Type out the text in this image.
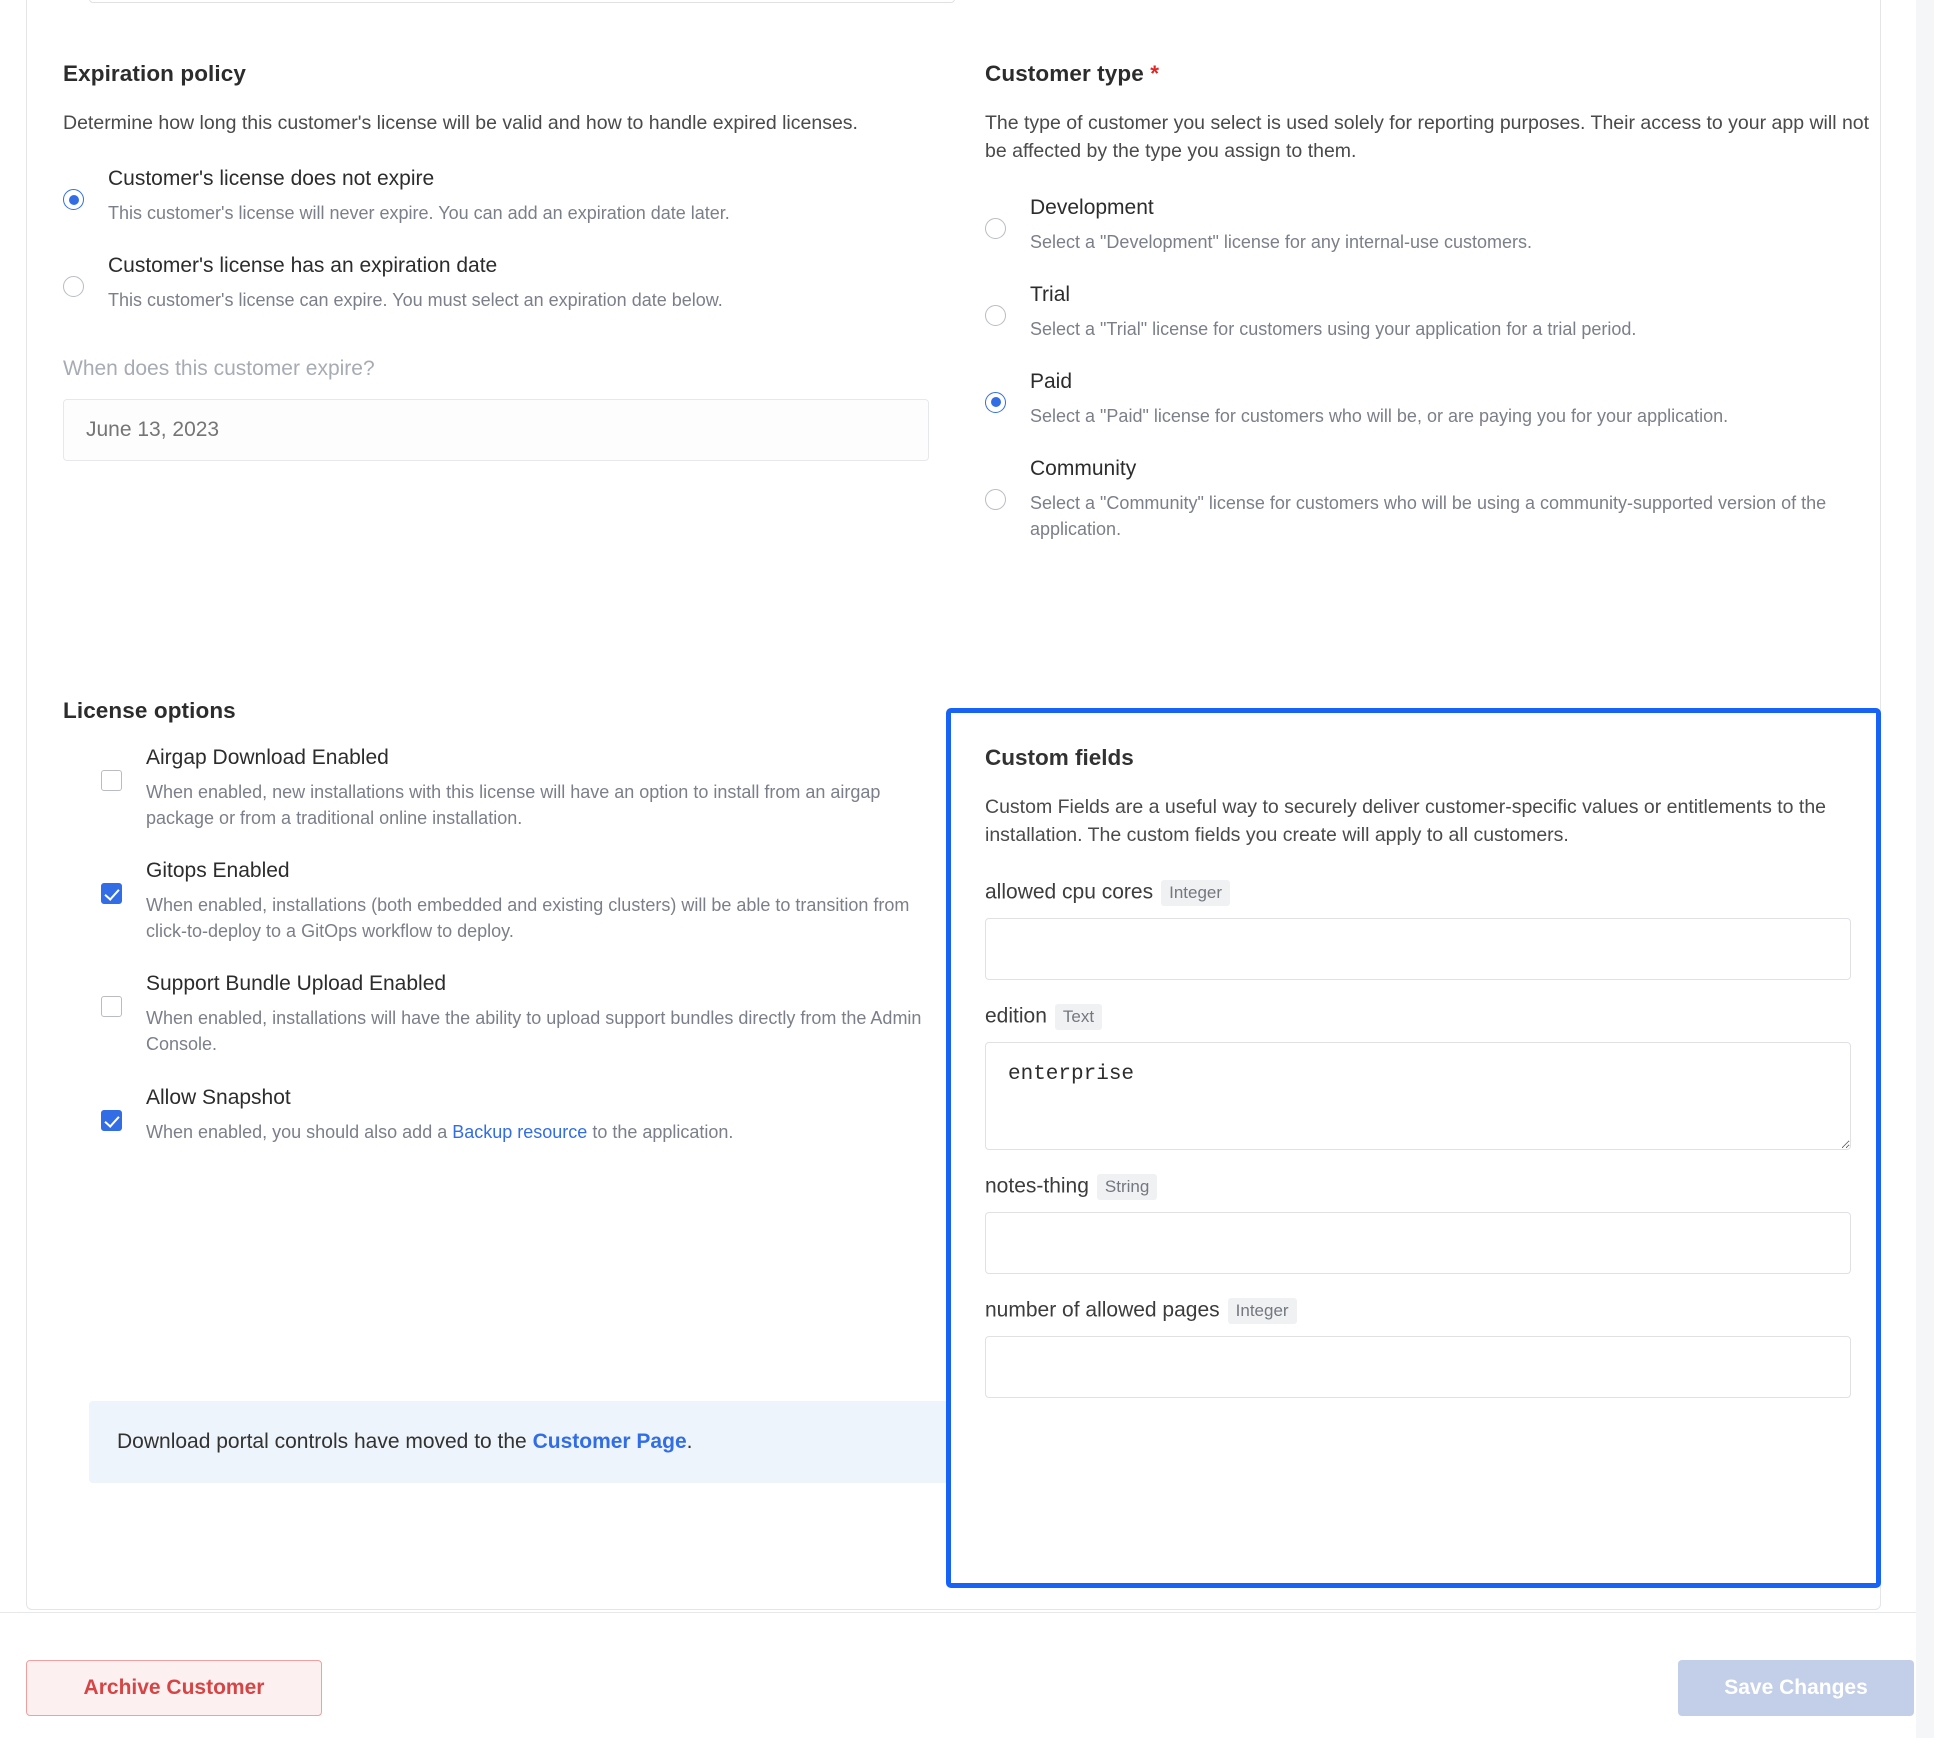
Expiration policy

Determine how long this customer's license will be valid and how to handle expired licenses.

Customer's license does not expire
This customer's license will never expire. You can add an expiration date later.
Customer's license has an expiration date
This customer's license can expire. You must select an expiration date below.
When does this customer expire?
June 13, 2023
Customer type *

The type of customer you select is used solely for reporting purposes. Their access to your app will not be affected by the type you assign to them.

Development
Select a "Development" license for any internal-use customers.
Trial
Select a "Trial" license for customers using your application for a trial period.
Paid
Select a "Paid" license for customers who will be, or are paying you for your application.
Community
Select a "Community" license for customers who will be using a community-supported version of the application.
License options
Airgap Download Enabled
When enabled, new installations with this license will have an option to install from an airgap package or from a traditional online installation.
Gitops Enabled
When enabled, installations (both embedded and existing clusters) will be able to transition from click-to-deploy to a GitOps workflow to deploy.
Support Bundle Upload Enabled
When enabled, installations will have the ability to upload support bundles directly from the Admin Console.
Allow Snapshot
When enabled, you should also add a Backup resource to the application.
Download portal controls have moved to the Customer Page.
Custom fields

Custom Fields are a useful way to securely deliver customer-specific values or entitlements to the installation. The custom fields you create will apply to all customers.

allowed cpu cores Integer
edition Text
enterprise
notes-thing String
number of allowed pages Integer
Archive Customer	Save Changes
